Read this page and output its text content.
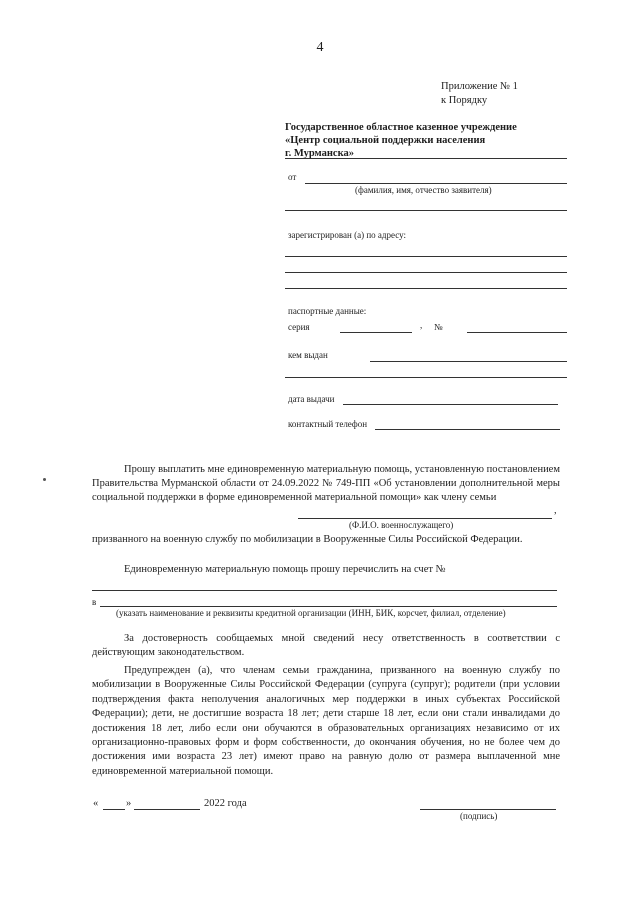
4
Приложение № 1
к Порядку
Государственное областное казенное учреждение
«Центр социальной поддержки населения
г. Мурманска»
от
(фамилия, имя, отчество заявителя)
зарегистрирован (а) по адресу:
паспортные данные:
серия	, №
кем выдан
дата выдачи
контактный телефон
Прошу выплатить мне единовременную материальную помощь, установленную постановлением Правительства Мурманской области от 24.09.2022 № 749-ПП «Об установлении дополнительной меры социальной поддержки в форме единовременной материальной помощи» как члену семьи
,
(Ф.И.О. военнослужащего)
призванного на военную службу по мобилизации в Вооруженные Силы Российской Федерации.
Единовременную материальную помощь прошу перечислить на счет №
в
(указать наименование и реквизиты кредитной организации (ИНН, БИК, корсчет, филиал, отделение)
За достоверность сообщаемых мной сведений несу ответственность в соответствии с действующим законодательством.
Предупрежден (а), что членам семьи гражданина, призванного на военную службу по мобилизации в Вооруженные Силы Российской Федерации (супруга (супруг); родители (при условии подтверждения факта неполучения аналогичных мер поддержки в иных субъектах Российской Федерации); дети, не достигшие возраста 18 лет; дети старше 18 лет, если они стали инвалидами до достижения 18 лет, либо если они обучаются в образовательных организациях независимо от их организационно-правовых форм и форм собственности, до окончания обучения, но не более чем до достижения ими возраста 23 лет) имеют право на равную долю от размера выплаченной мне единовременной материальной помощи.
«	»	2022 года
(подпись)
